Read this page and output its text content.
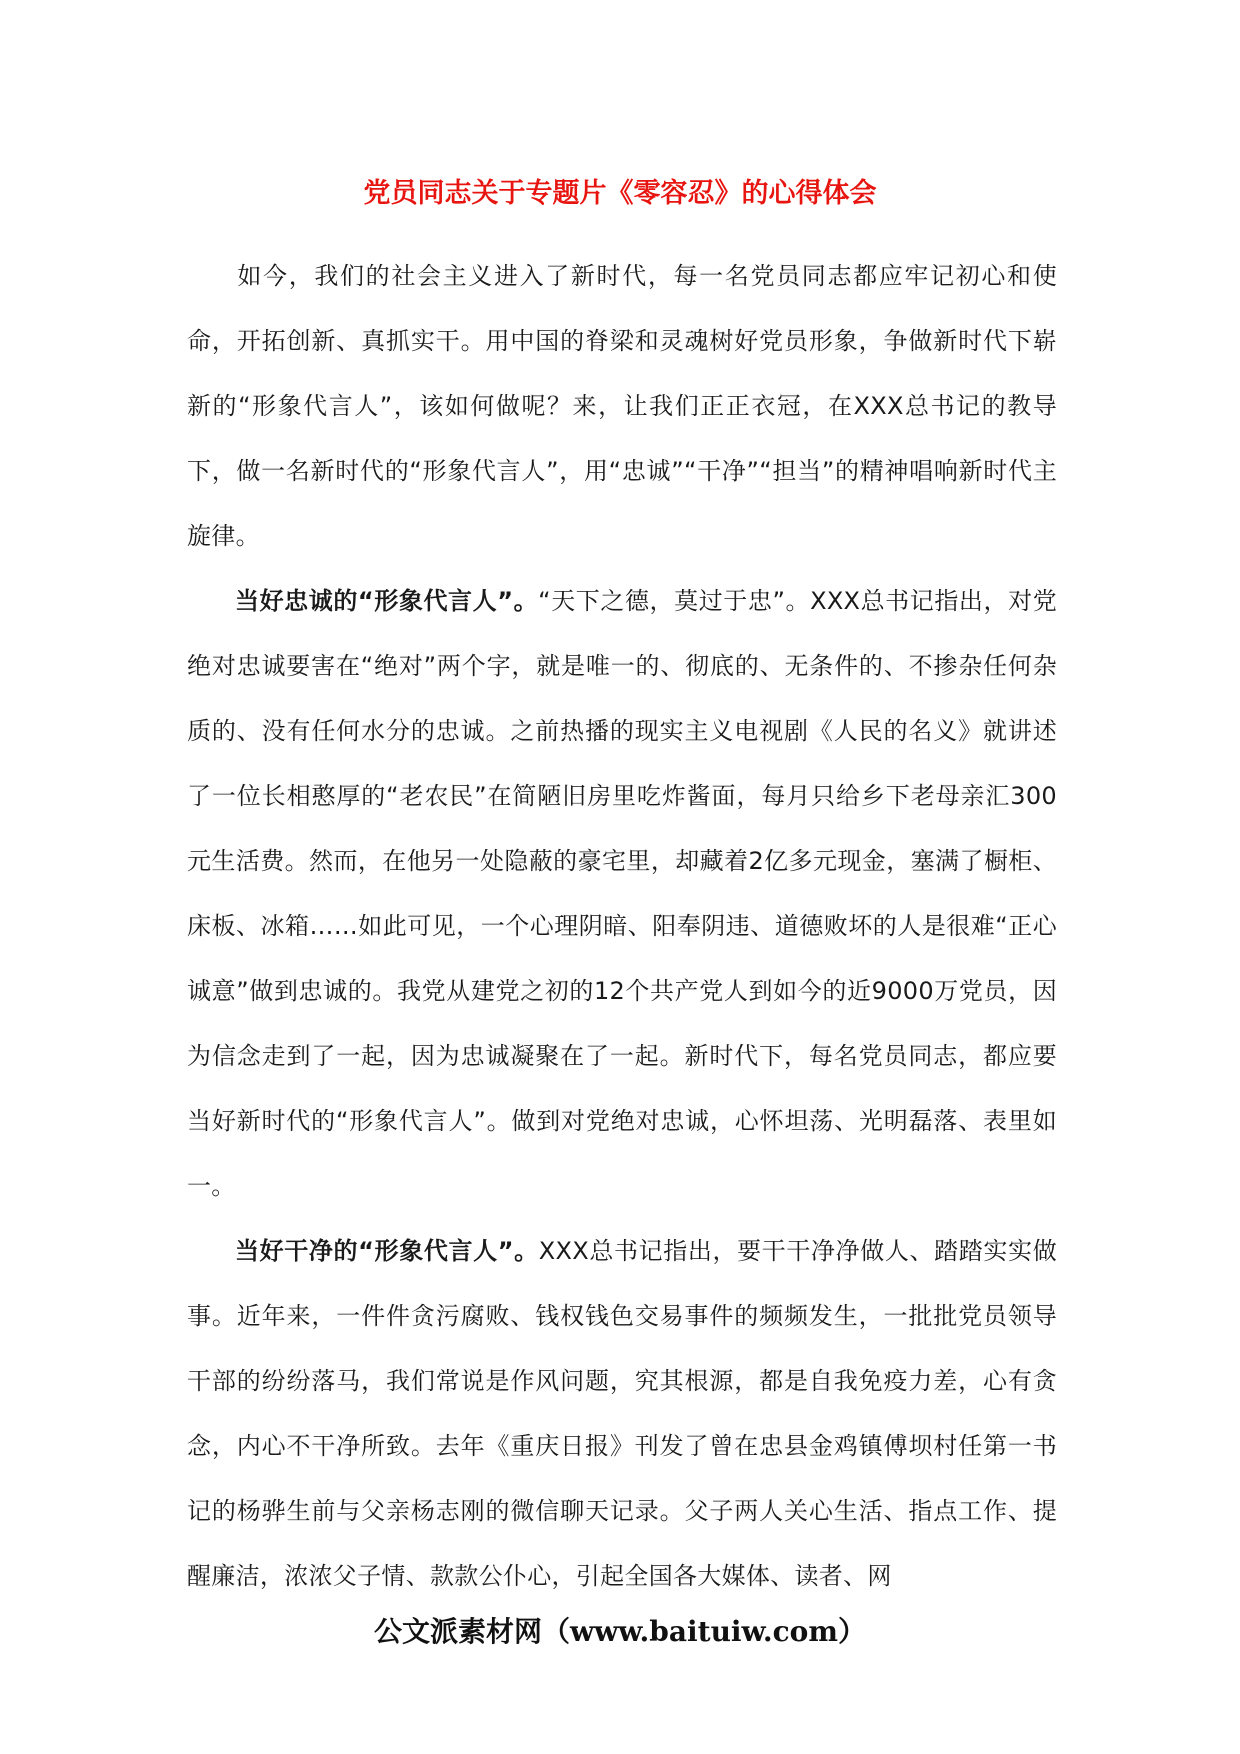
党员同志关于专题片《零容忍》的心得体会

如今，我们的社会主义进入了新时代，每一名党员同志都应牢记初心和使命，开拓创新、真抓实干。用中国的脊梁和灵魂树好党员形象，争做新时代下崭新的“形象代言人”，该如何做呢？来，让我们正正衣冠，在XXX总书记的教导下，做一名新时代的“形象代言人”，用“忠诚”“干净”“担当”的精神唱响新时代主旋律。

当好忠诚的“形象代言人”。“天下之德，莫过于忠”。XXX总书记指出，对党绝对忠诚要害在“绝对”两个字，就是唯一的、彻底的、无条件的、不掺杂任何杂质的、没有任何水分的忠诚。之前热播的现实主义电视剧《人民的名义》就讲述了一位长相憨厚的“老农民”在简陋旧房里吃炸酱面，每月只给乡下老母亲汇300元生活费。然而，在他另一处隐蔽的豪宅里，却藏着2亿多元现金，塞满了橱柜、床板、冰箱……如此可见，一个心理阴暗、阳奉阴违、道德败坏的人是很难“正心诚意”做到忠诚的。我党从建党之初的12个共产党人到如今的近9000万党员，因为信念走到了一起，因为忠诚凝聚在了一起。新时代下，每名党员同志，都应要当好新时代的“形象代言人”。做到对党绝对忠诚，心怀坦荡、光明磊落、表里如一。

当好干净的“形象代言人”。XXX总书记指出，要干干净净做人、踏踏实实做事。近年来，一件件贪污腐败、钱权钱色交易事件的频频发生，一批批党员领导干部的纷纷落马，我们常说是作风问题，究其根源，都是自我免疫力差，心有贪念，内心不干净所致。去年《重庆日报》刊发了曾在忠县金鸡镇傅坝村任第一书记的杨骅生前与父亲杨志刚的微信聊天记录。父子两人关心生活、指点工作、提醒廉洁，浓浓父子情、款款公仆心，引起全国各大媒体、读者、网

公文派素材网（www.baituiw.com）
